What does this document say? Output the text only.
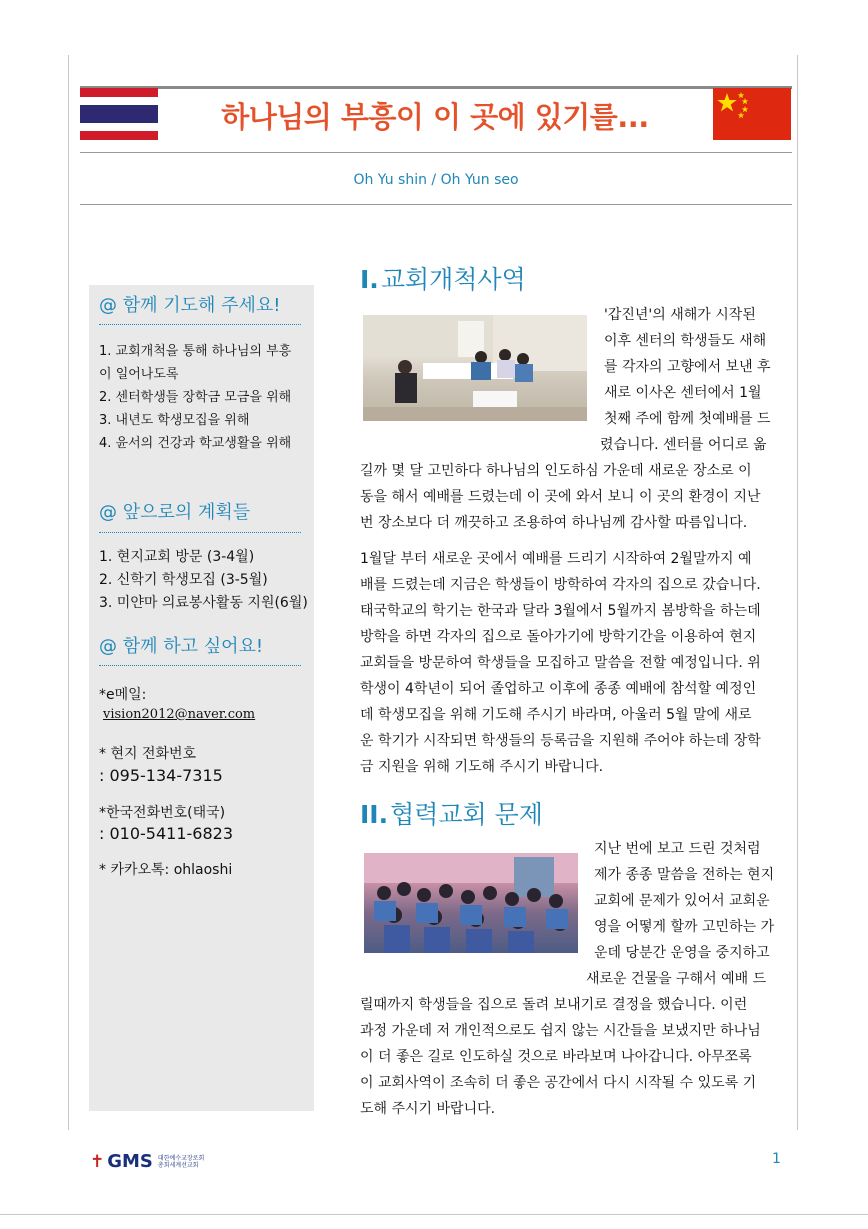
하나님의 부흥이 이 곳에 있기를...
Oh Yu shin / Oh Yun seo
@ 함께 기도해 주세요!
1. 교회개척을 통해 하나님의 부흥
이 일어나도록
2. 센터학생들 장학금 모금을 위해
3. 내년도 학생모집을 위해
4. 윤서의 건강과 학교생활을 위해
@ 앞으로의 계획들
1. 현지교회 방문 (3-4월)
2. 신학기 학생모집 (3-5월)
3. 미얀마 의료봉사활동 지원(6월)
@ 함께 하고 싶어요!
*e메일:
vision2012@naver.com
* 현지 전화번호
: 095-134-7315
*한국전화번호(태국)
: 010-5411-6823
* 카카오톡: ohlaoshi
I.교회개척사역
'갑진년'의 새해가 시작된
이후 센터의 학생들도 새해
를 각자의 고향에서 보낸 후
새로 이사온 센터에서 1월
첫째 주에 함께 첫예배를 드
렸습니다. 센터를 어디로 옮
길까 몇 달 고민하다 하나님의 인도하심 가운데 새로운 장소로 이
동을 해서 예배를 드렸는데 이 곳에 와서 보니 이 곳의 환경이 지난
번 장소보다 더 깨끗하고 조용하여 하나님께 감사할 따름입니다.
1월달 부터 새로운 곳에서 예배를 드리기 시작하여 2월말까지 예
배를 드렸는데 지금은 학생들이 방학하여 각자의 집으로 갔습니다.
태국학교의 학기는 한국과 달라 3월에서 5월까지 봄방학을 하는데
방학을 하면 각자의 집으로 돌아가기에 방학기간을 이용하여 현지
교회들을 방문하여 학생들을 모집하고 말씀을 전할 예정입니다. 위
학생이 4학년이 되어 졸업하고 이후에 종종 예배에 참석할 예정인
데 학생모집을 위해 기도해 주시기 바라며, 아울러 5월 말에 새로
운 학기가 시작되면 학생들의 등록금을 지원해 주어야 하는데 장학
금 지원을 위해 기도해 주시기 바랍니다.
II.협력교회 문제
지난 번에 보고 드린 것처럼
제가 종종 말씀을 전하는 현지
교회에 문제가 있어서 교회운
영을 어떻게 할까 고민하는 가
운데 당분간 운영을 중지하고
새로운 건물을 구해서 예배 드
릴때까지 학생들을 집으로 돌려 보내기로 결정을 했습니다. 이런
과정 가운데 저 개인적으로도 쉽지 않는 시간들을 보냈지만 하나님
이 더 좋은 길로 인도하실 것으로 바라보며 나아갑니다. 아무쪼록
이 교회사역이 조속히 더 좋은 공간에서 다시 시작될 수 있도록 기
도해 주시기 바랍니다.
✝ GMS 대한예수교장로회
총회세계선교회	1
